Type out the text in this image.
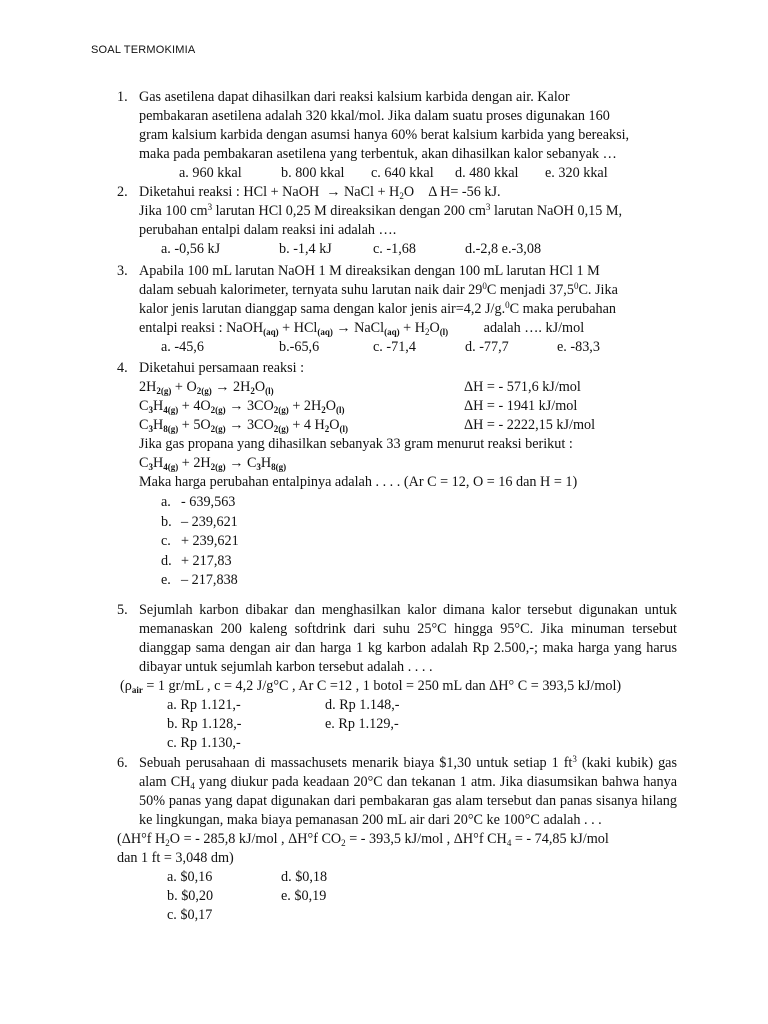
SOAL TERMOKIMIA
1. Gas asetilena dapat dihasilkan dari reaksi kalsium karbida dengan air. Kalor
pembakaran asetilena adalah 320 kkal/mol. Jika dalam suatu proses digunakan 160
gram kalsium karbida dengan asumsi hanya 60% berat kalsium karbida yang bereaksi,
maka pada pembakaran asetilena yang terbentuk, akan dihasilkan kalor sebanyak …
a. 960 kkal	b. 800 kkal c. 640 kkal d. 480 kkal e. 320 kkal
2. Diketahui reaksi : HCl + NaOH → NaCl + $H_2O$ Δ H= -56 kJ.
Jika 100 $cm^3$ larutan HCl 0,25 M direaksikan dengan 200 $cm^3$ larutan NaOH 0,15 M,
perubahan entalpi dalam reaksi ini adalah ….
a. -0,56 kJ	b. -1,4 kJ	c. -1,68	d.-2,8 e.-3,08
3. Apabila 100 mL larutan NaOH 1 M direaksikan dengan 100 mL larutan HCl 1 M
dalam sebuah kalorimeter, ternyata suhu larutan naik dair $29^0C$ menjadi 37,5$^0$C. Jika
kalor jenis larutan dianggap sama dengan kalor jenis air=4,2 J/g.$^0$C maka perubahan
entalpi reaksi : NaOH$_{(aq)}$ + HCl$_{(aq)}$ → NaCl$_{(aq)}$ + $H_2O_{(l)}$ adalah …. kJ/mol
a. -45,6	b.-65,6	c. -71,4	d. -77,7	e. -83,3
4. Diketahui persamaan reaksi :
$2H_{2(g)} + O_{2(g)} \to 2H_2O_{(l)}$	ΔH = - 571,6 kJ/mol
$C_3H_{4(g)} + 4O_{2(g)} \to 3CO_{2(g)} + 2H_2O_{(l)}$	ΔH = - 1941 kJ/mol
$C_3H_{8(g)} + 5O_{2(g)} \to 3CO_{2(g)} + 4$ $H_2O_{(l)}$	ΔH = - 2222,15 kJ/mol
Jika gas propana yang dihasilkan sebanyak 33 gram menurut reaksi berikut :
$C_3H_{4(g)} + 2H_{2(g)} \to C_3H_{8(g)}$
Maka harga perubahan entalpinya adalah . . . . (Ar C = 12, O = 16 dan H = 1)
a. - 639,563
b. – 239,621
c. + 239,621
d. + 217,83
e. – 217,838
5. Sejumlah karbon dibakar dan menghasilkan kalor dimana kalor tersebut digunakan untuk memanaskan 200 kaleng softdrink dari suhu 25°C hingga 95°C. Jika minuman tersebut dianggap sama dengan air dan harga 1 kg karbon adalah Rp 2.500,-; maka harga yang harus dibayar untuk sejumlah karbon tersebut adalah . . . .
($\rho_{air} = 1$ gr/mL , c = 4,2 J/g°C , Ar C =12 , 1 botol = 250 mL dan ΔH° C = 393,5 kJ/mol)
a. Rp 1.121,-	d. Rp 1.148,-
b. Rp 1.128,-	e. Rp 1.129,-
c. Rp 1.130,-
6. Sebuah perusahaan di massachusets menarik biaya $1,30 untuk setiap 1 $ft^3$ (kaki kubik) gas alam $CH_4$ yang diukur pada keadaan 20°C dan tekanan 1 atm. Jika diasumsikan bahwa hanya 50% panas yang dapat digunakan dari pembakaran gas alam tersebut dan panas sisanya hilang ke lingkungan, maka biaya pemanasan 200 mL air dari 20°C ke 100°C adalah . . .
(ΔH°f $H_2O$ = - 285,8 kJ/mol , ΔH°f $CO_2$ = - 393,5 kJ/mol , ΔH°f $CH_4$ = - 74,85 kJ/mol
dan 1 ft = 3,048 dm)
a. $0,16	d. $0,18
b. $0,20	e. $0,19
c. $0,17
